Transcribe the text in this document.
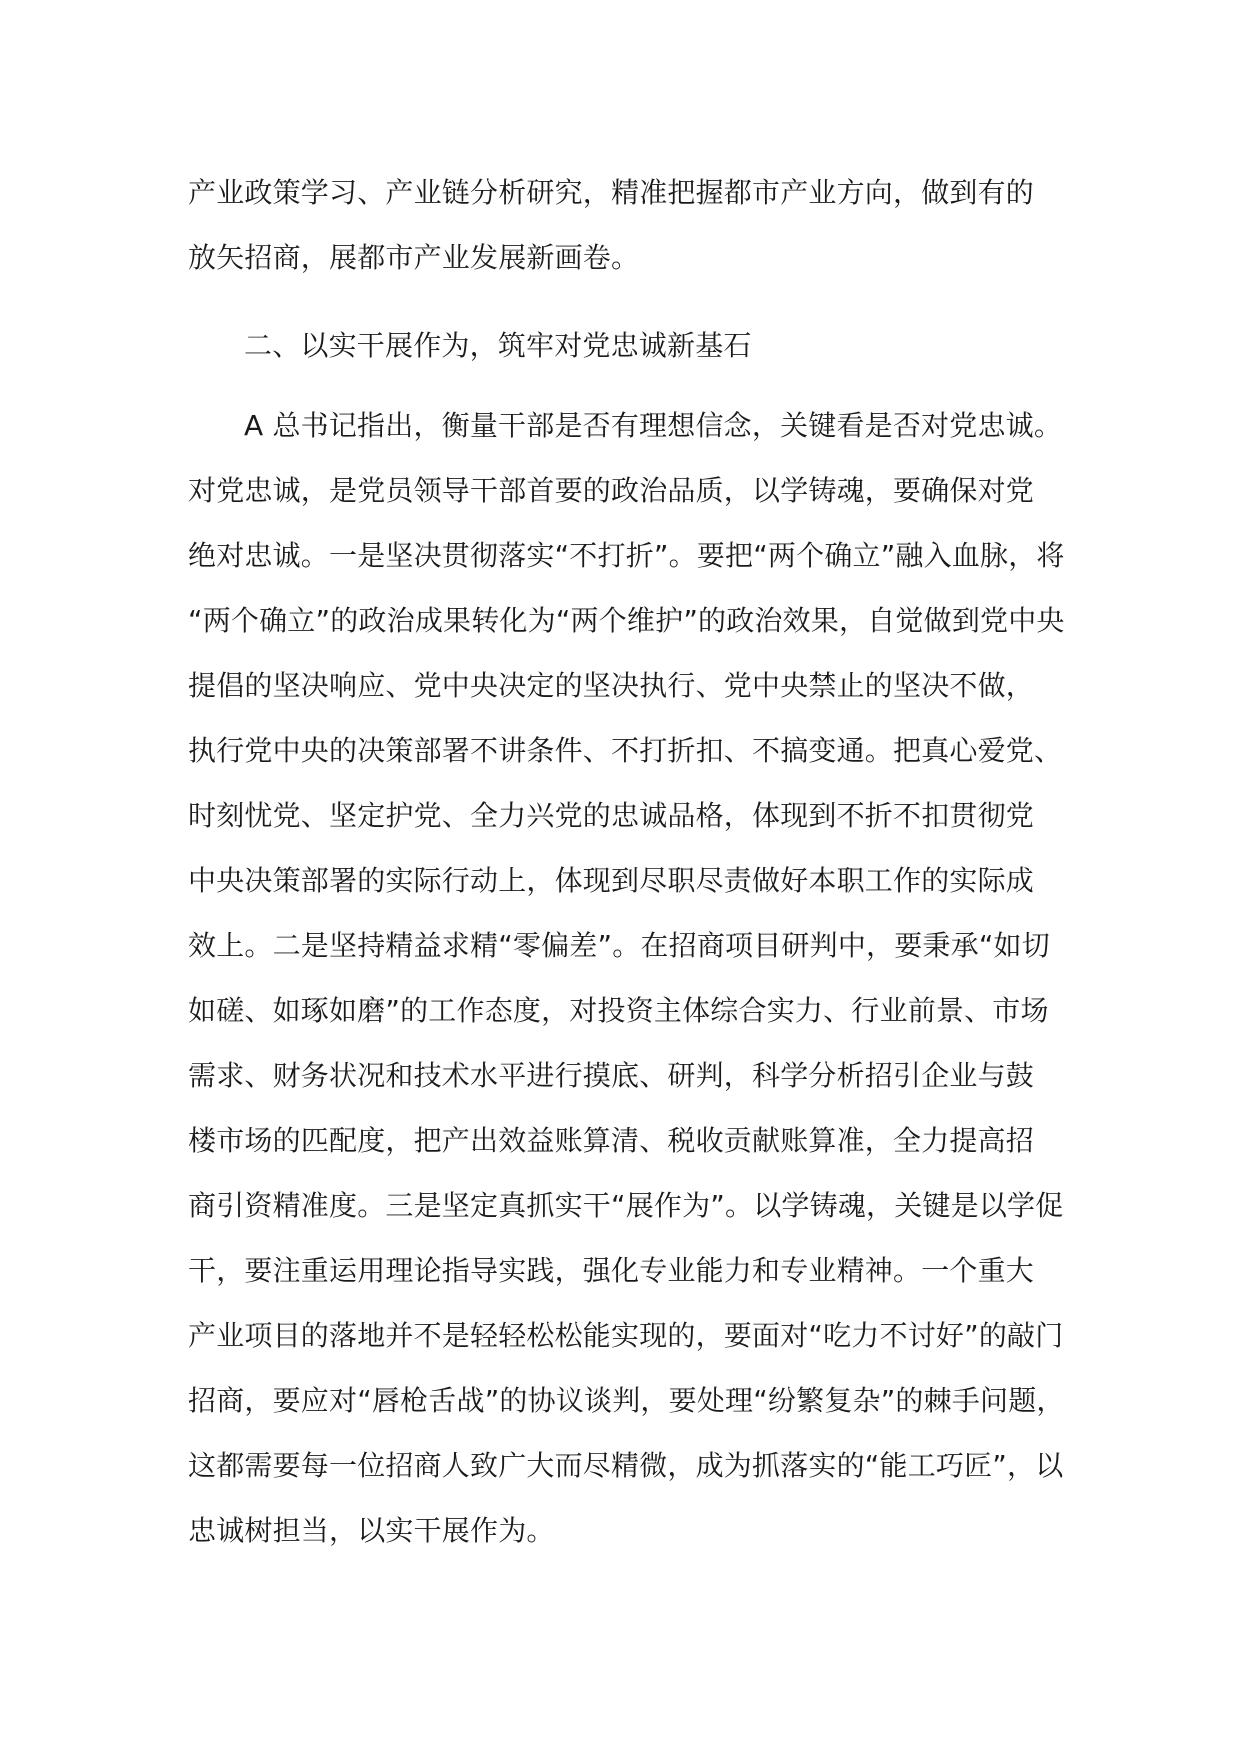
产业政策学习、产业链分析研究，精准把握都市产业方向，做到有的
放矢招商，展都市产业发展新画卷。
二、以实干展作为，筑牢对党忠诚新基石
A 总书记指出，衡量干部是否有理想信念，关键看是否对党忠诚。
对党忠诚，是党员领导干部首要的政治品质，以学铸魂，要确保对党
绝对忠诚。一是坚决贯彻落实“不打折”。要把“两个确立”融入血脉，将
“两个确立”的政治成果转化为“两个维护”的政治效果，自觉做到党中央
提倡的坚决响应、党中央决定的坚决执行、党中央禁止的坚决不做，
执行党中央的决策部署不讲条件、不打折扣、不搞变通。把真心爱党、
时刻忧党、坚定护党、全力兴党的忠诚品格，体现到不折不扣贯彻党
中央决策部署的实际行动上，体现到尽职尽责做好本职工作的实际成
效上。二是坚持精益求精“零偏差”。在招商项目研判中，要秉承“如切
如磋、如琢如磨”的工作态度，对投资主体综合实力、行业前景、市场
需求、财务状况和技术水平进行摸底、研判，科学分析招引企业与鼓
楼市场的匹配度，把产出效益账算清、税收贡献账算准，全力提高招
商引资精准度。三是坚定真抓实干“展作为”。以学铸魂，关键是以学促
干，要注重运用理论指导实践，强化专业能力和专业精神。一个重大
产业项目的落地并不是轻轻松松能实现的，要面对“吃力不讨好”的敲门
招商，要应对“唇枪舌战”的协议谈判，要处理“纷繁复杂”的棘手问题，
这都需要每一位招商人致广大而尽精微，成为抓落实的“能工巧匠”，以
忠诚树担当，以实干展作为。
